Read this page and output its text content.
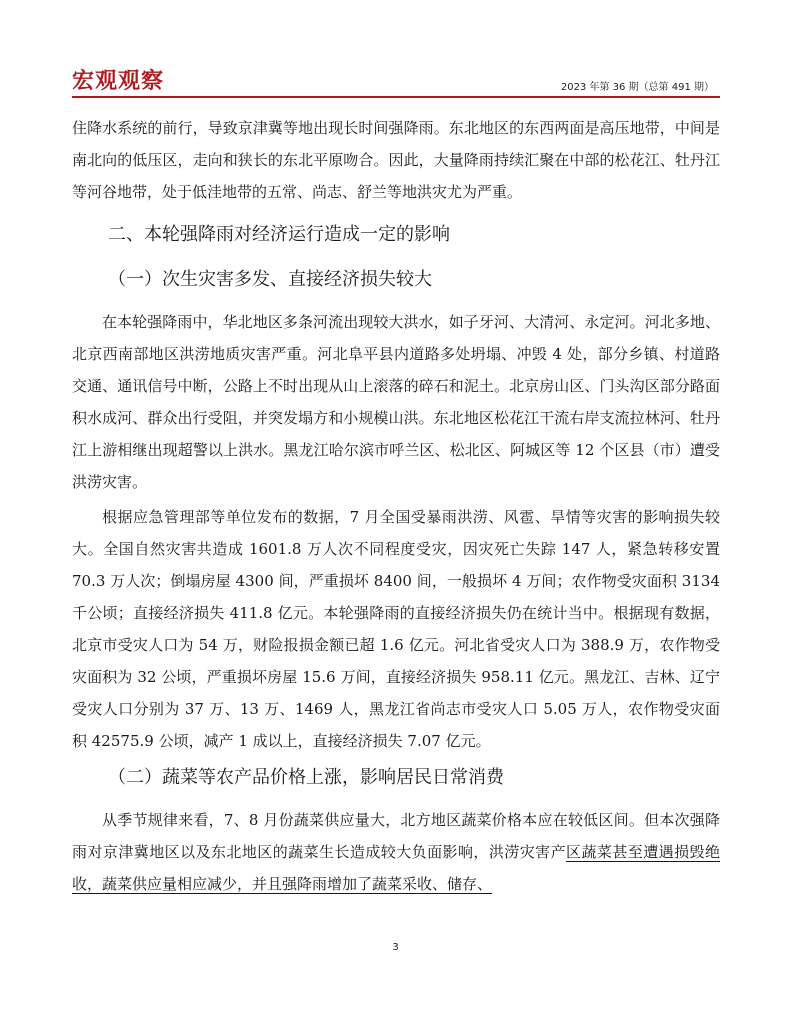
宏观观察	2023 年第 36 期（总第 491 期）

住降水系统的前行，导致京津冀等地出现长时间强降雨。东北地区的东西两面是高压地带，中间是南北向的低压区，走向和狭长的东北平原吻合。因此，大量降雨持续汇聚在中部的松花江、牡丹江等河谷地带，处于低洼地带的五常、尚志、舒兰等地洪灾尤为严重。

二、本轮强降雨对经济运行造成一定的影响
（一）次生灾害多发、直接经济损失较大

在本轮强降雨中，华北地区多条河流出现较大洪水，如子牙河、大清河、永定河。河北多地、北京西南部地区洪涝地质灾害严重。河北阜平县内道路多处坍塌、冲毁 4 处，部分乡镇、村道路交通、通讯信号中断，公路上不时出现从山上滚落的碎石和泥土。北京房山区、门头沟区部分路面积水成河、群众出行受阻，并突发塌方和小规模山洪。东北地区松花江干流右岸支流拉林河、牡丹江上游相继出现超警以上洪水。黑龙江哈尔滨市呼兰区、松北区、阿城区等 12 个区县（市）遭受洪涝灾害。

根据应急管理部等单位发布的数据，7 月全国受暴雨洪涝、风雹、旱情等灾害的影响损失较大。全国自然灾害共造成 1601.8 万人次不同程度受灾，因灾死亡失踪 147 人，紧急转移安置 70.3 万人次；倒塌房屋 4300 间，严重损坏 8400 间，一般损坏 4 万间；农作物受灾面积 3134 千公顷；直接经济损失 411.8 亿元。本轮强降雨的直接经济损失仍在统计当中。根据现有数据，北京市受灾人口为 54 万，财险报损金额已超 1.6 亿元。河北省受灾人口为 388.9 万，农作物受灾面积为 32 公顷，严重损坏房屋 15.6 万间，直接经济损失 958.11 亿元。黑龙江、吉林、辽宁受灾人口分别为 37 万、13 万、1469 人，黑龙江省尚志市受灾人口 5.05 万人，农作物受灾面积 42575.9 公顷，减产 1 成以上，直接经济损失 7.07 亿元。

（二）蔬菜等农产品价格上涨，影响居民日常消费

从季节规律来看，7、8 月份蔬菜供应量大，北方地区蔬菜价格本应在较低区间。但本次强降雨对京津冀地区以及东北地区的蔬菜生长造成较大负面影响，洪涝灾害产区蔬菜甚至遭遇损毁绝收，蔬菜供应量相应减少，并且强降雨增加了蔬菜采收、储存、

3
